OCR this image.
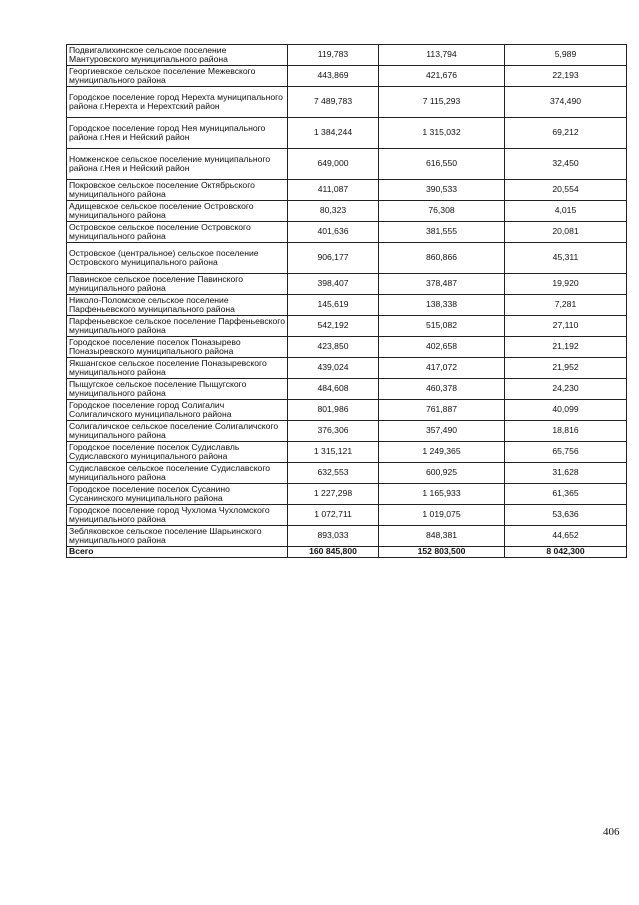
Подвигалихинское сельское поселение Мантуровского муниципального района	119,783	113,794	5,989
Георгиевское сельское поселение Межевского муниципального района	443,869	421,676	22,193
Городское поселение город Нерехта муниципального района г.Нерехта и Нерехтский район	7 489,783	7 115,293	374,490
Городское поселение город Нея муниципального района г.Нея и Нейский район	1 384,244	1 315,032	69,212
Номженское сельское поселение муниципального района г.Нея и Нейский район	649,000	616,550	32,450
Покровское сельское поселение Октябрьского муниципального района	411,087	390,533	20,554
Адищевское сельское поселение Островского муниципального района	80,323	76,308	4,015
Островское сельское поселение Островского муниципального района	401,636	381,555	20,081
Островское (центральное) сельское поселение Островского муниципального района	906,177	860,866	45,311
Павинское сельское поселение Павинского муниципального района	398,407	378,487	19,920
Николо-Поломское сельское поселение Парфеньевского муниципального района	145,619	138,338	7,281
Парфеньевское сельское поселение Парфеньевского муниципального района	542,192	515,082	27,110
Городское поселение поселок Поназырево Поназыревского муниципального района	423,850	402,658	21,192
Якшангское сельское поселение Поназыревского муниципального района	439,024	417,072	21,952
Пыщугское сельское поселение Пыщугского муниципального района	484,608	460,378	24,230
Городское поселение город Солигалич Солигаличского муниципального района	801,986	761,887	40,099
Солигаличское сельское поселение Солигаличского муниципального района	376,306	357,490	18,816
Городское поселение поселок Судиславль Судиславского муниципального района	1 315,121	1 249,365	65,756
Судиславское сельское поселение Судиславского муниципального района	632,553	600,925	31,628
Городское поселение поселок Сусанино Сусанинского муниципального района	1 227,298	1 165,933	61,365
Городское поселение город Чухлома Чухломского муниципального района	1 072,711	1 019,075	53,636
Зебляковское сельское поселение Шарьинского муниципального района	893,033	848,381	44,652
Всего	160 845,800	152 803,500	8 042,300
406
